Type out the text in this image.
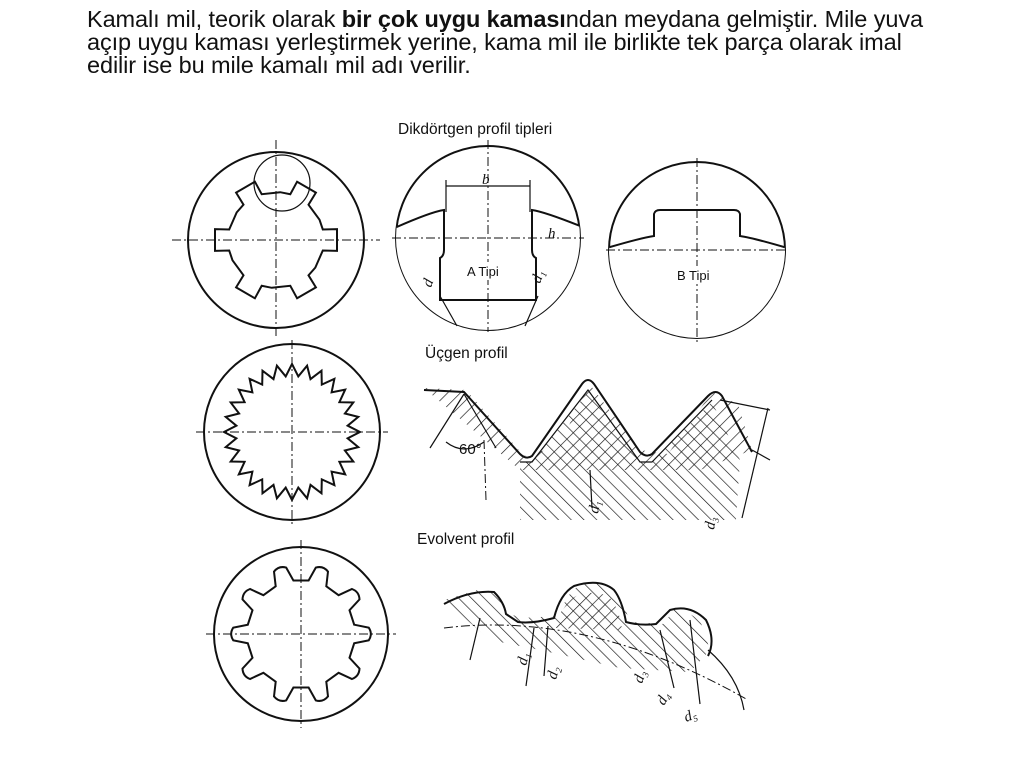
Kamalı mil, teorik olarak bir çok uygu kamasından meydana gelmiştir. Mile yuva açıp uygu kaması yerleştirmek yerine, kama mil ile birlikte tek parça olarak imal edilir ise bu mile kamalı mil adı verilir.

Dikdörtgen profil tipleri
Üçgen profil
Evolvent profil
b
h
d	d₁
A Tipi	B Tipi
60°
d₁
d₃
d₁
d₂	d₃
d₄
d₅
